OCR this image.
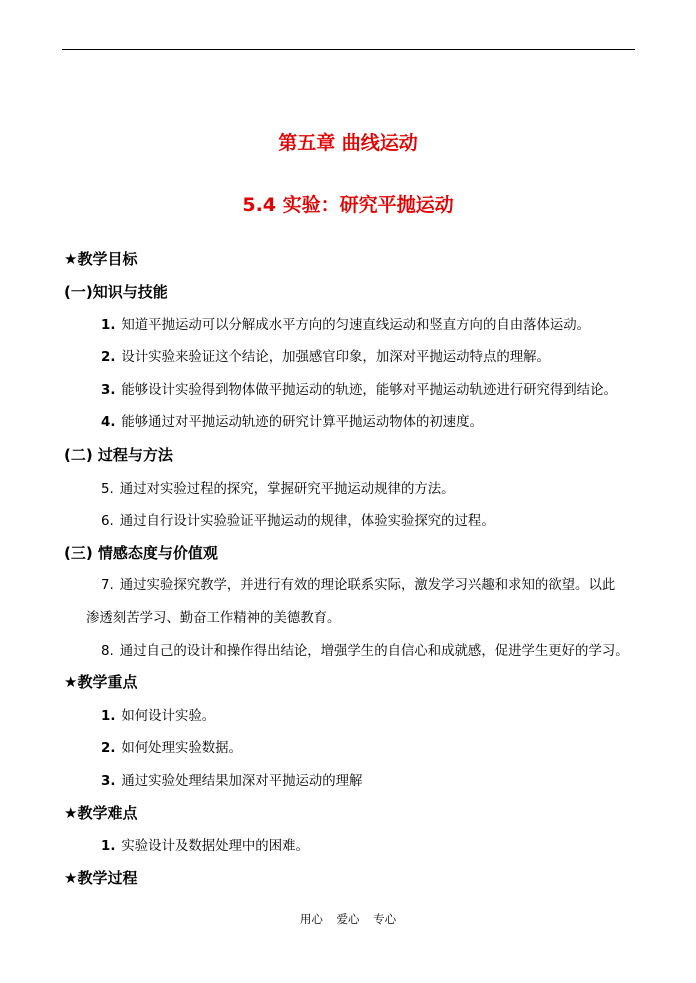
第五章 曲线运动
5.4 实验：研究平抛运动
★教学目标
(一)知识与技能
1. 知道平抛运动可以分解成水平方向的匀速直线运动和竖直方向的自由落体运动。
2. 设计实验来验证这个结论，加强感官印象，加深对平抛运动特点的理解。
3. 能够设计实验得到物体做平抛运动的轨迹，能够对平抛运动轨迹进行研究得到结论。
4. 能够通过对平抛运动轨迹的研究计算平抛运动物体的初速度。
(二) 过程与方法
5. 通过对实验过程的探究，掌握研究平抛运动规律的方法。
6. 通过自行设计实验验证平抛运动的规律，体验实验探究的过程。
(三) 情感态度与价值观
7. 通过实验探究教学，并进行有效的理论联系实际，激发学习兴趣和求知的欲望。以此
渗透刻苦学习、勤奋工作精神的美德教育。
8. 通过自己的设计和操作得出结论，增强学生的自信心和成就感，促进学生更好的学习。
★教学重点
1. 如何设计实验。
2. 如何处理实验数据。
3. 通过实验处理结果加深对平抛运动的理解
★教学难点
1. 实验设计及数据处理中的困难。
★教学过程
用心 爱心 专心
